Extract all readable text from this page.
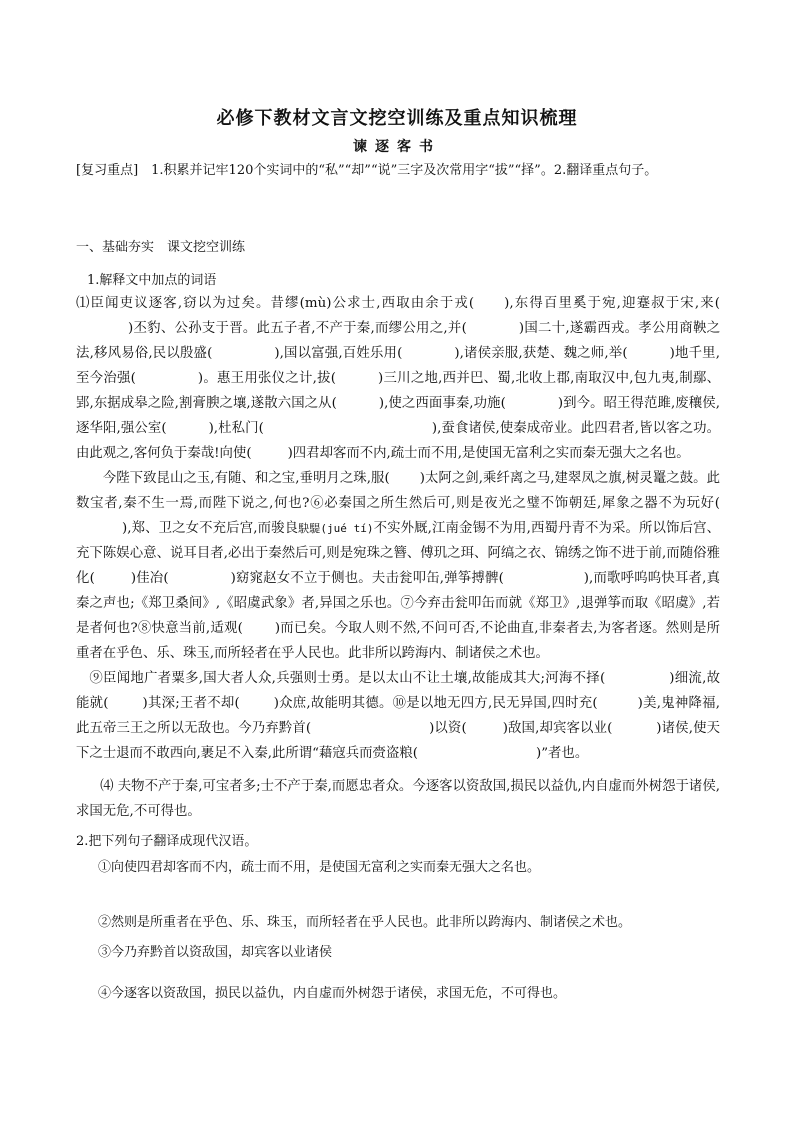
必修下教材文言文挖空训练及重点知识梳理
谏逐客书
[复习重点]　1.积累并记牢120个实词中的“私”“却”“说”三字及次常用字“拔”“择”。2.翻译重点句子。
一、基础夯实　课文挖空训练
1.解释文中加点的词语

⑴臣闻吏议逐客,窃以为过矣。昔缪(mù)公求士,西取由余于戎( ),东得百里奚于宛,迎蹇叔于宋,来()丕豹、公孙支于晋。此五子者,不产于秦,而缪公用之,并(	)国二十,遂霸西戎。孝公用商鞅之法,移风易俗,民以殷盛(	),国以富强,百姓乐用(	),诸侯亲服,获楚、魏之师,举(	)地千里,至今治强(	)。惠王用张仪之计,拔(	)三川之地,西并巴、蜀,北收上郡,南取汉中,包九夷,制鄢、郢,东据成皋之险,割膏腴之壤,遂散六国之从(	),使之西面事秦,功施(	)到今。昭王得范雎,废穰侯,逐华阳,强公室(	),杜私门(	),蚕食诸侯,使秦成帝业。此四君者,皆以客之功。由此观之,客何负于秦哉!向使(	)四君却客而不内,疏士而不用,是使国无富利之实而秦无强大之名也。

今陛下致昆山之玉,有随、和之宝,垂明月之珠,服( )太阿之剑,乘纤离之马,建翠凤之旗,树灵鼍之鼓。此数宝者,秦不生一焉,而陛下说之,何也?⑥必秦国之所生然后可,则是夜光之璧不饰朝廷,犀象之器不为玩好(),郑、卫之女不充后宫,而骏良駃騠(jué tí)不实外厩,江南金锡不为用,西蜀丹青不为采。所以饰后宫、充下陈娱心意、说耳目者,必出于秦然后可,则是宛珠之簪、傅玑之珥、阿缟之衣、锦绣之饰不进于前,而随俗雅化(	)佳冶(	)窈窕赵女不立于侧也。夫击瓮叩缶,弹筝搏髀(	),而歌呼呜呜快耳者,真秦之声也;《郑卫桑间》,《昭虞武象》者,异国之乐也。⑦今弃击瓮叩缶而就《郑卫》,退弹筝而取《昭虞》,若是者何也?⑧快意当前,适观( )而已矣。今取人则不然,不问可否,不论曲直,非秦者去,为客者逐。然则是所重者在乎色、乐、珠玉,而所轻者在乎人民也。此非所以跨海内、制诸侯之术也。

⑨臣闻地广者粟多,国大者人众,兵强则士勇。是以太山不让土壤,故能成其大;河海不择(	)细流,故能就(	)其深;王者不却(	)众庶,故能明其德。⑩是以地无四方,民无异国,四时充(	)美,鬼神降福,此五帝三王之所以无敌也。今乃弃黔首(	)以资(	)敌国,却宾客以业(	)诸侯,使天下之士退而不敢西向,裹足不入秦,此所谓“藉寇兵而赍盗粮(	)”者也。

⑷ 夫物不产于秦,可宝者多;士不产于秦,而愿忠者众。今逐客以资敌国,损民以益仇,内自虚而外树怨于诸侯,求国无危,不可得也。
2.把下列句子翻译成现代汉语。
①向使四君却客而不内，疏士而不用，是使国无富利之实而秦无强大之名也。
②然则是所重者在乎色、乐、珠玉，而所轻者在乎人民也。此非所以跨海内、制诸侯之术也。
③今乃弃黔首以资敌国，却宾客以业诸侯
④今逐客以资敌国，损民以益仇，内自虚而外树怨于诸侯，求国无危，不可得也。
